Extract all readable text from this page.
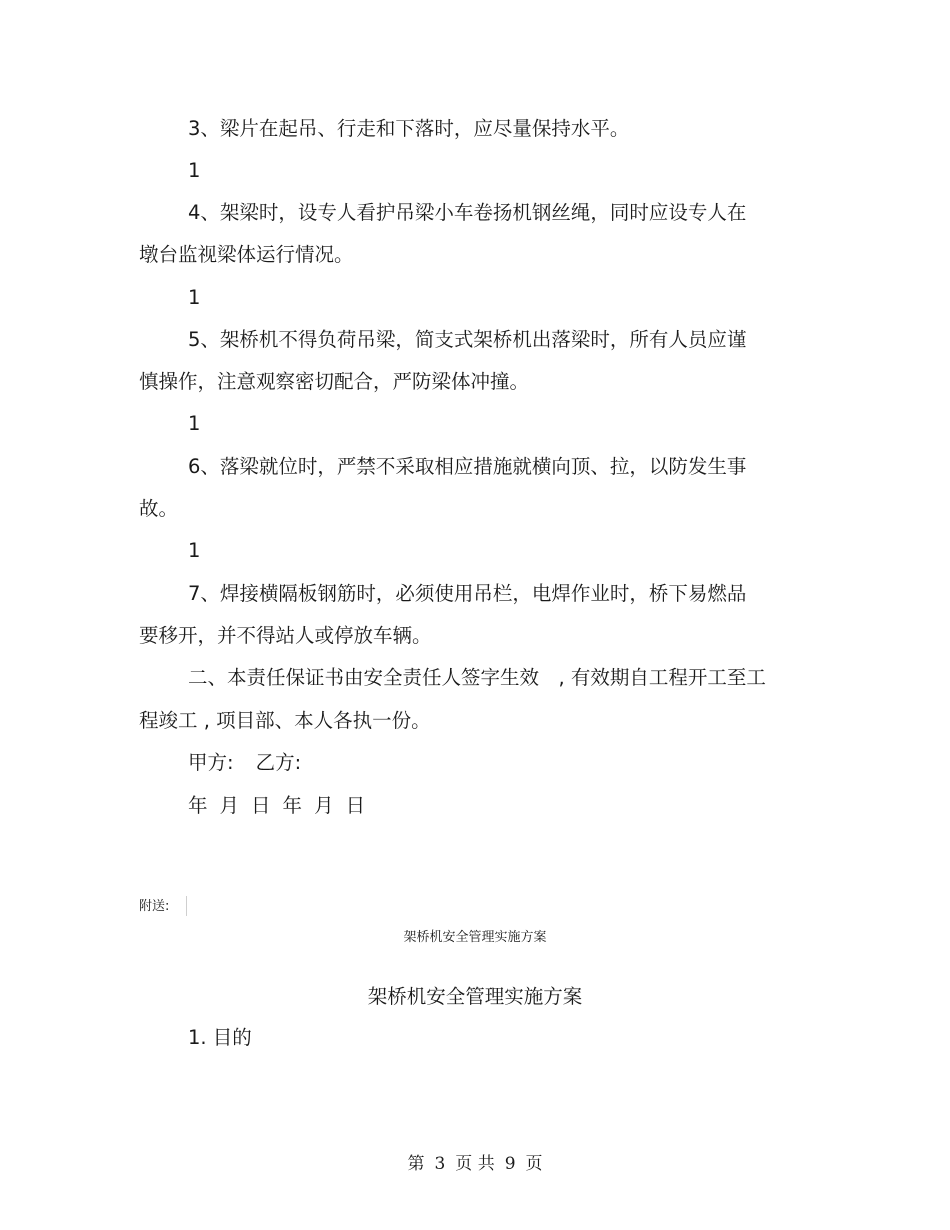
3、梁片在起吊、行走和下落时，应尽量保持水平。
1
4、架梁时，设专人看护吊梁小车卷扬机钢丝绳，同时应设专人在
墩台监视梁体运行情况。
1
5、架桥机不得负荷吊梁，简支式架桥机出落梁时，所有人员应谨
慎操作，注意观察密切配合，严防梁体冲撞。
1
6、落梁就位时，严禁不采取相应措施就横向顶、拉，以防发生事
故。
1
7、焊接横隔板钢筋时，必须使用吊栏，电焊作业时，桥下易燃品
要移开，并不得站人或停放车辆。
二、本责任保证书由安全责任人签字生效　, 有效期自工程开工至工
程竣工 , 项目部、本人各执一份。
甲方: 乙方:
年 月 日 年 月 日
附送:
架桥机安全管理实施方案
架桥机安全管理实施方案
1. 目的
第 3 页 共 9 页
